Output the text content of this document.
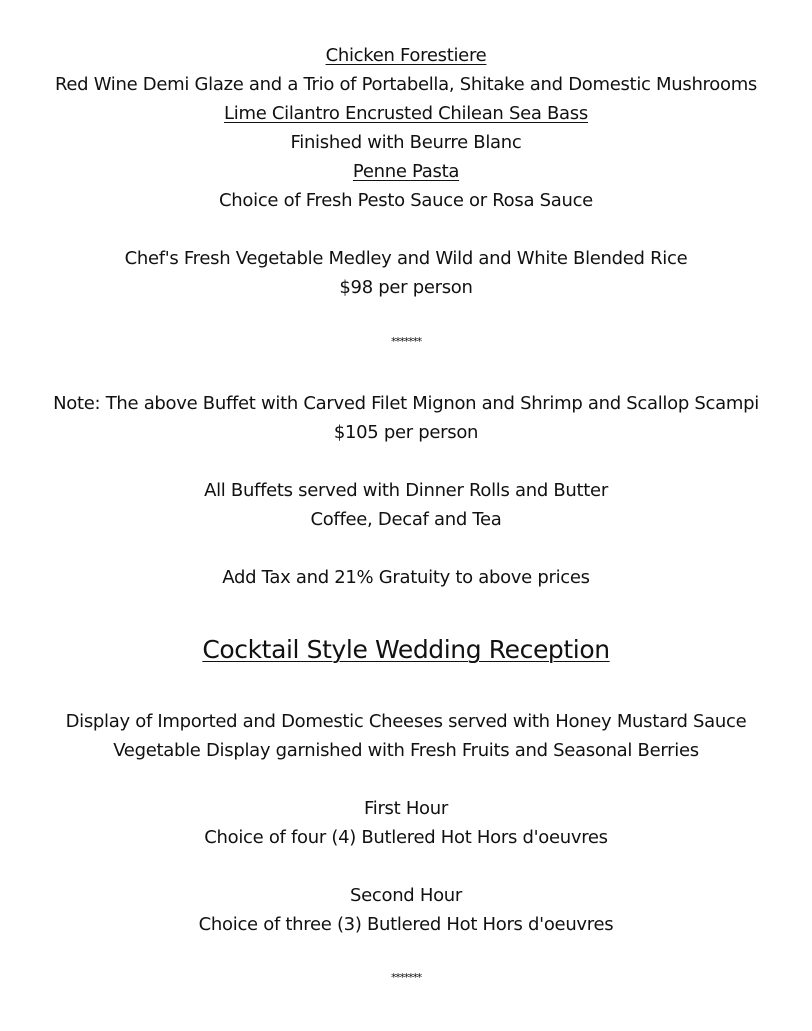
Chicken Forestiere
Red Wine Demi Glaze and a Trio of Portabella, Shitake and Domestic Mushrooms
Lime Cilantro Encrusted Chilean Sea Bass
Finished with Beurre Blanc
Penne Pasta
Choice of Fresh Pesto Sauce or Rosa Sauce
Chef's Fresh Vegetable Medley and Wild and White Blended Rice
$98 per person
*******
Note: The above Buffet with Carved Filet Mignon and Shrimp and Scallop Scampi
$105 per person
All Buffets served with Dinner Rolls and Butter
Coffee, Decaf and Tea
Add Tax and 21% Gratuity to above prices
Cocktail Style Wedding Reception
Display of Imported and Domestic Cheeses served with Honey Mustard Sauce
Vegetable Display garnished with Fresh Fruits and Seasonal Berries
First Hour
Choice of four (4) Butlered Hot Hors d'oeuvres
Second Hour
Choice of three (3) Butlered Hot Hors d'oeuvres
*******
